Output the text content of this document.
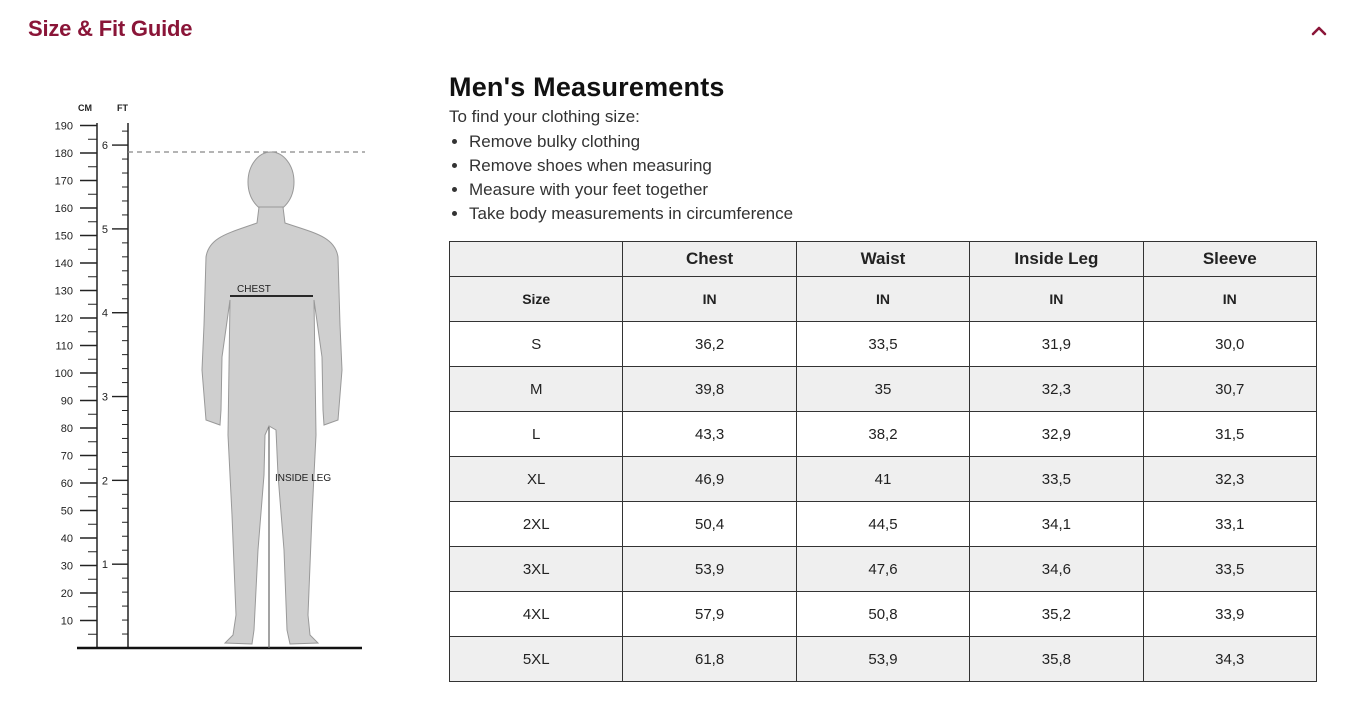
Size & Fit Guide
CM	FT
190
180
170
160
150
140
130
120
110
100
90
80
70
60
50
40
30
20
10
6
5
4
3
2
1
CHEST
INSIDE LEG
Men's Measurements

To find your clothing size:

• Remove bulky clothing
• Remove shoes when measuring
• Measure with your feet together
• Take body measurements in circumference
	Chest	Waist	Inside Leg	Sleeve
Size	IN	IN	IN	IN
S	36,2	33,5	31,9	30,0
M	39,8	35	32,3	30,7
L	43,3	38,2	32,9	31,5
XL	46,9	41	33,5	32,3
2XL	50,4	44,5	34,1	33,1
3XL	53,9	47,6	34,6	33,5
4XL	57,9	50,8	35,2	33,9
5XL	61,8	53,9	35,8	34,3
